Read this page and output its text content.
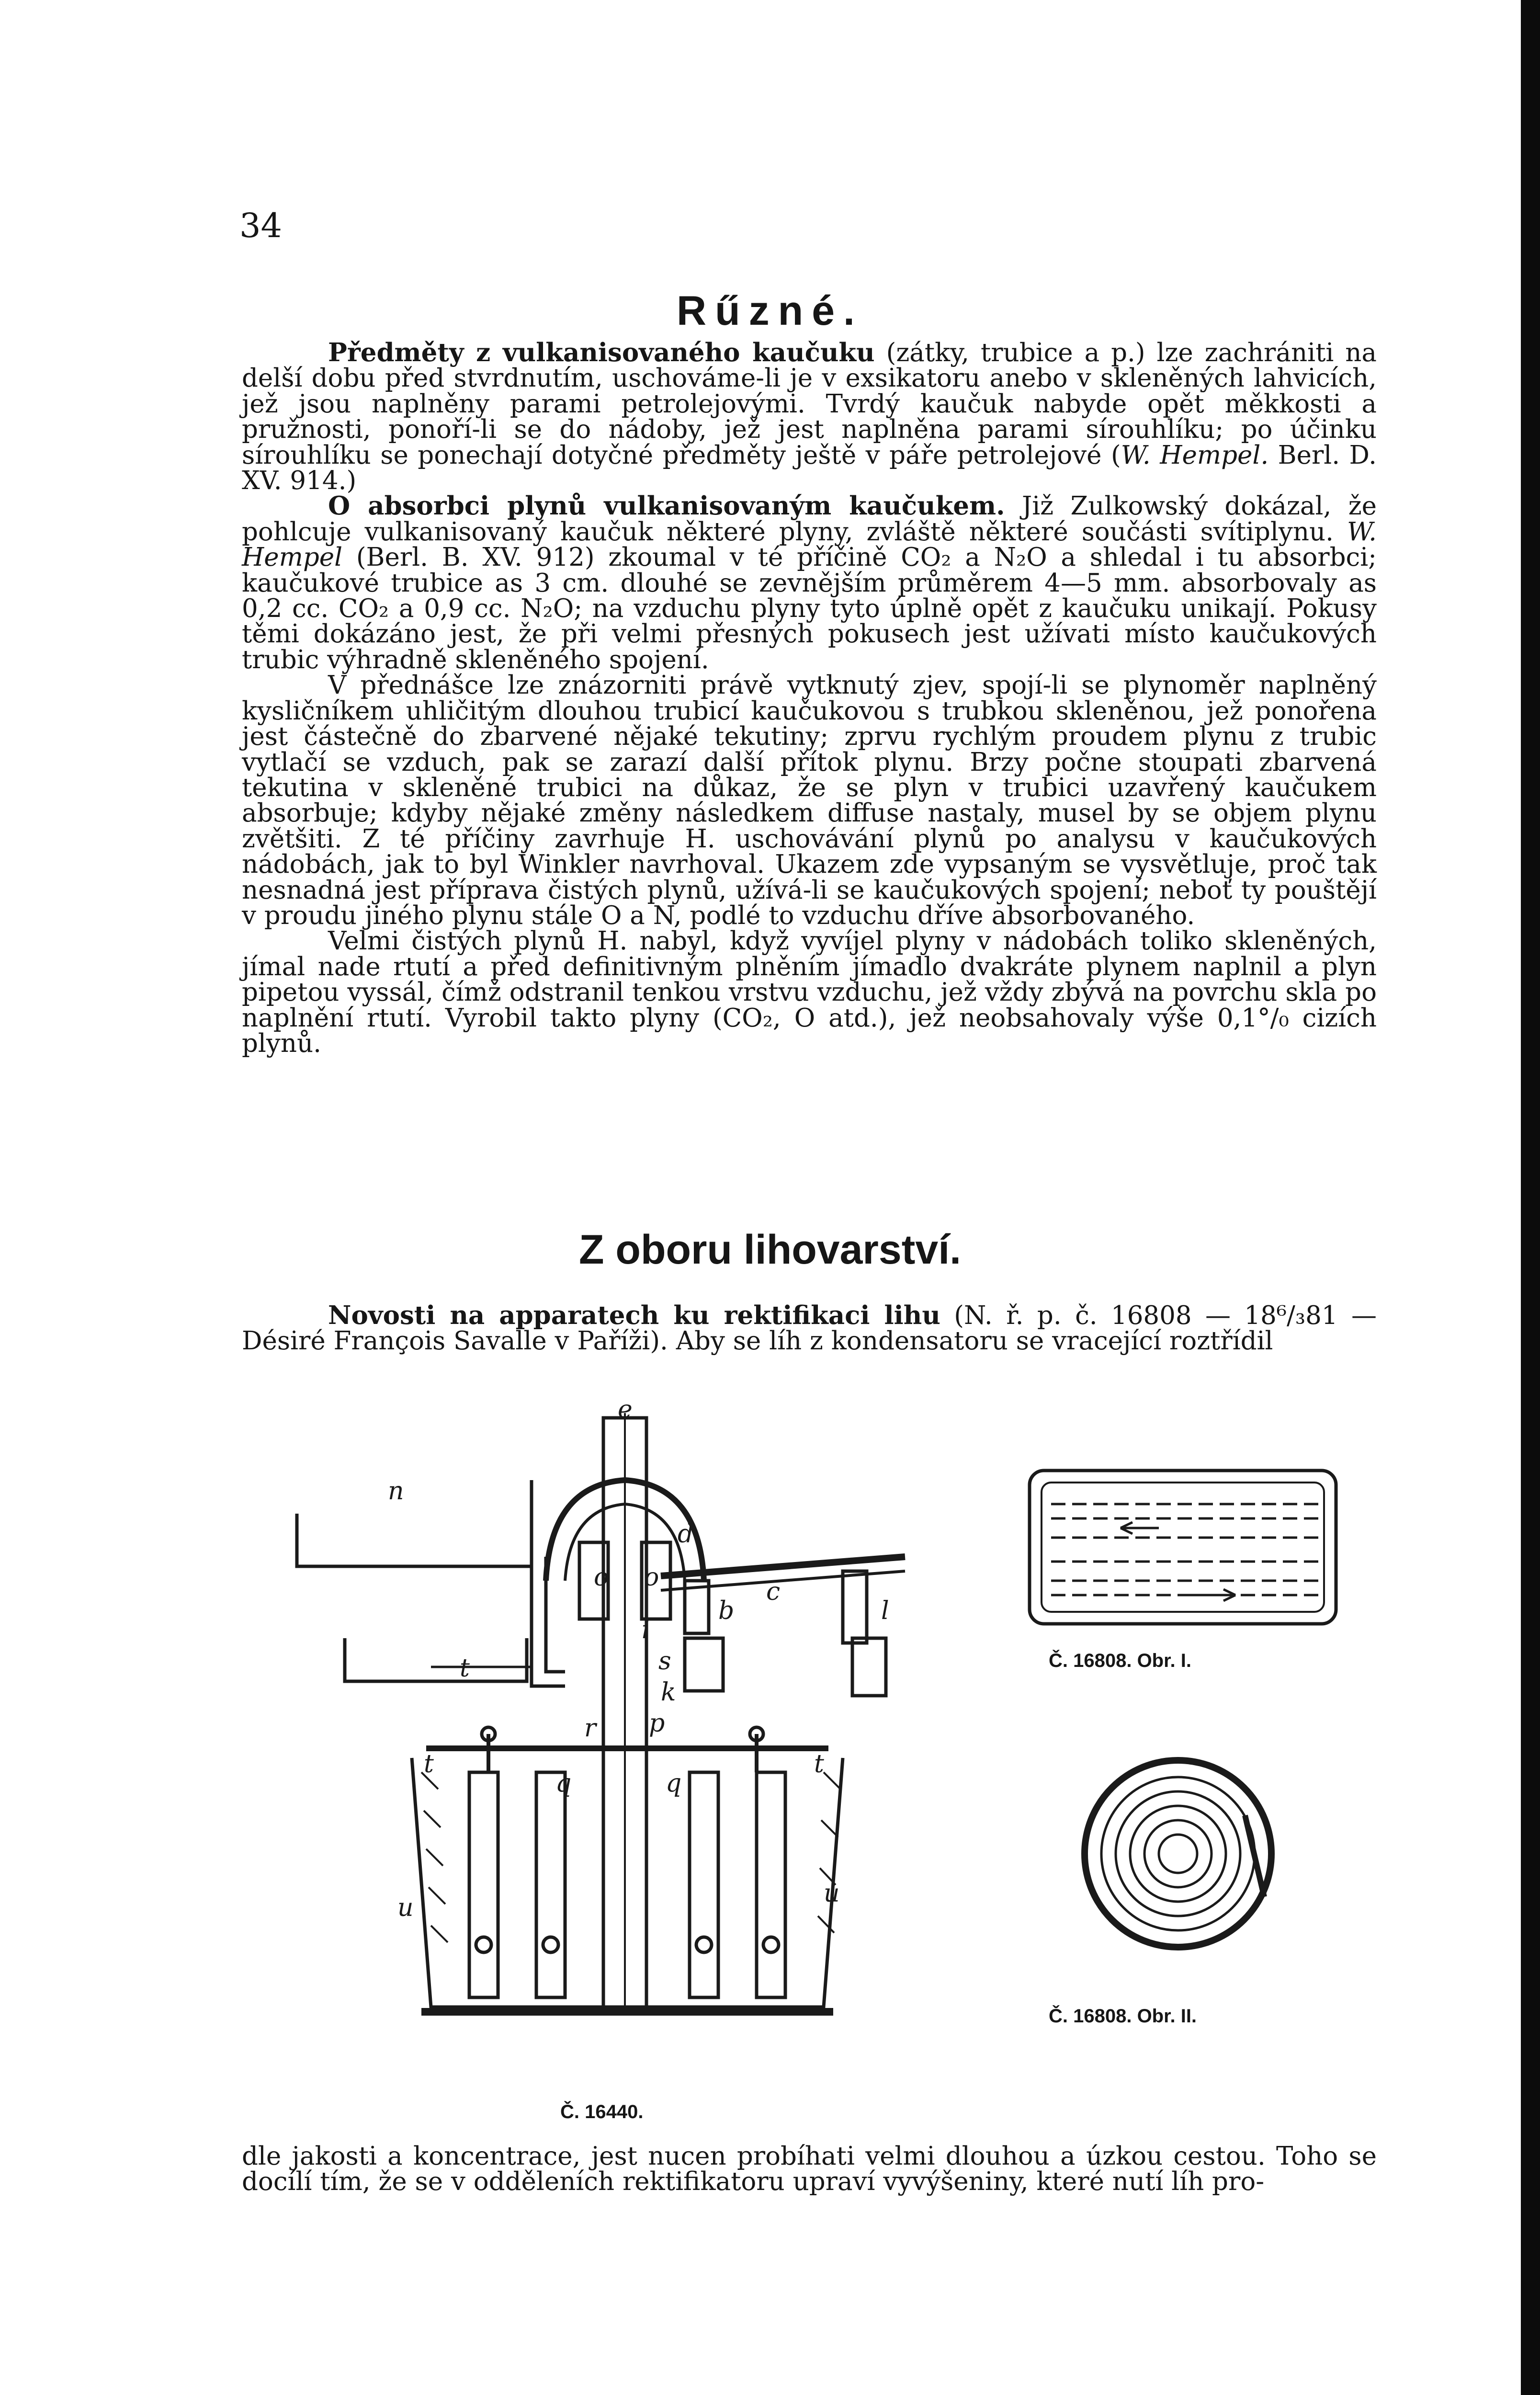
34
Rűzné.

Předměty z vulkanisovaného kaučuku (zátky, trubice a p.) lze zachrániti na delší dobu před stvrdnutím, uschováme-li je v exsikatoru anebo v skleněných lahvicích, jež jsou naplněny parami petrolejovými. Tvrdý kaučuk nabyde opět měkkosti a pružnosti, ponoří-li se do nádoby, jež jest naplněna parami sírouhlíku; po účinku sírouhlíku se ponechají dotyčné předměty ještě v páře petrolejové (W. Hempel. Berl. D. XV. 914.)

O absorbci plynů vulkanisovaným kaučukem. Již Zulkowský dokázal, že pohlcuje vulkanisovaný kaučuk některé plyny, zvláště některé součásti svítiplynu. W. Hempel (Berl. B. XV. 912) zkoumal v té příčině CO₂ a N₂O a shledal i tu absorbci; kaučukové trubice as 3 cm. dlouhé se zevnějším průměrem 4—5 mm. absorbovaly as 0,2 cc. CO₂ a 0,9 cc. N₂O; na vzduchu plyny tyto úplně opět z kaučuku unikají. Pokusy těmi dokázáno jest, že při velmi přesných pokusech jest užívati místo kaučukových trubic výhradně skleněného spojení.

V přednášce lze znázorniti právě vytknutý zjev, spojí-li se plynoměr naplněný kysličníkem uhličitým dlouhou trubicí kaučukovou s trubkou skleněnou, jež ponořena jest částečně do zbarvené nějaké tekutiny; zprvu rychlým proudem plynu z trubic vytlačí se vzduch, pak se zarazí další přítok plynu. Brzy počne stoupati zbarvená tekutina v skleněné trubici na důkaz, že se plyn v trubici uzavřený kaučukem absorbuje; kdyby nějaké změny následkem diffuse nastaly, musel by se objem plynu zvětšiti. Z té příčiny zavrhuje H. uschovávání plynů po analysu v kaučukových nádobách, jak to byl Winkler navrhoval. Ukazem zde vypsaným se vysvětluje, proč tak nesnadná jest příprava čistých plynů, užívá-li se kaučukových spojení; neboť ty pouštějí v proudu jiného plynu stále O a N, podlé to vzduchu dříve absorbovaného.

Velmi čistých plynů H. nabyl, když vyvíjel plyny v nádobách toliko skleněných, jímal nade rtutí a před definitivným plněním jímadlo dvakráte plynem naplnil a plyn pipetou vyssál, čímž odstranil tenkou vrstvu vzduchu, jež vždy zbývá na povrchu skla po naplnění rtutí. Vyrobil takto plyny (CO₂, O atd.), jež neobsahovaly výše 0,1°/₀ cizích plynů.

Z oboru lihovarství.

Novosti na apparatech ku rektifikaci lihu (N. ř. p. č. 16808 — 18⁶/₃81 — Désiré François Savalle v Paříži). Aby se líh z kondensatoru se vracející roztřídil

e
n
d
o o
b
c
l
i
s
t
k
r p
t	t
q	q
u	u
Č. 16440.
Č. 16808. Obr. I.
Č. 16808. Obr. II.

dle jakosti a koncentrace, jest nucen probíhati velmi dlouhou a úzkou cestou. Toho se docílí tím, že se v odděleních rektifikatoru upraví vyvýšeniny, které nutí líh pro-
